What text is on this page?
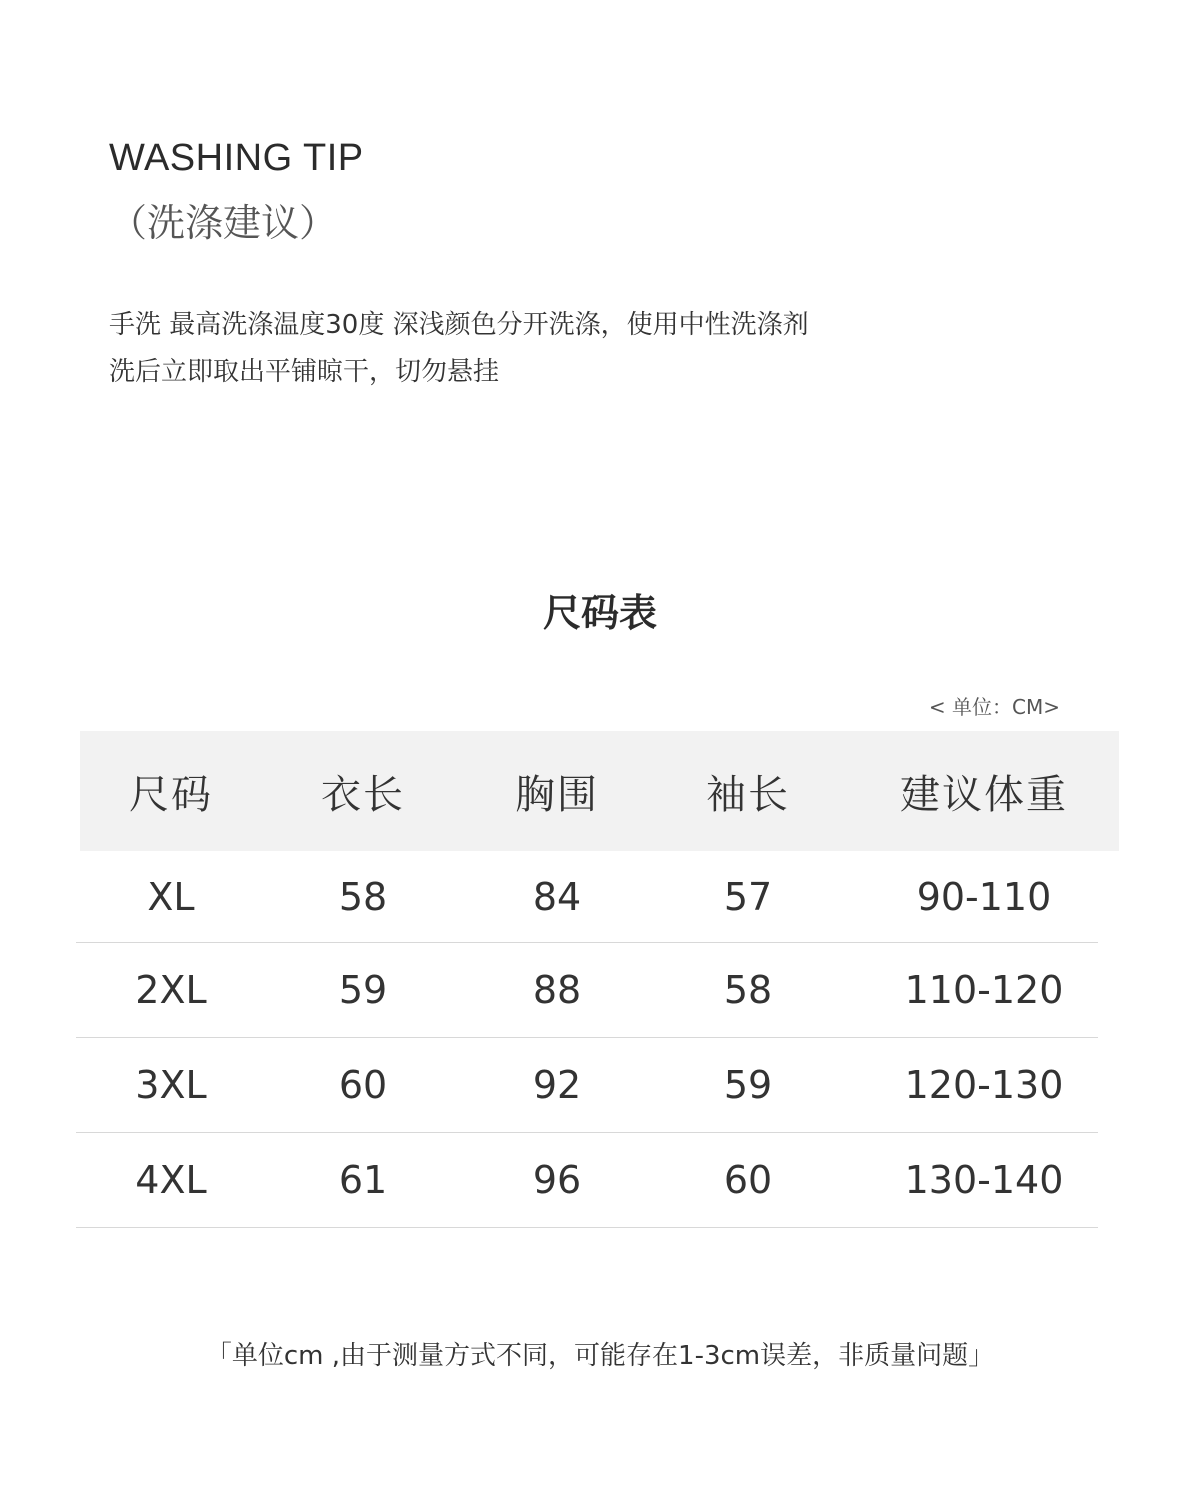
WASHING TIP
（洗涤建议）
手洗 最高洗涤温度30度 深浅颜色分开洗涤，使用中性洗涤剂
洗后立即取出平铺晾干，切勿悬挂
尺码表
< 单位：CM>
尺码	衣长	胸围	袖长	建议体重
XL	58	84	57	90-110
2XL	59	88	58	110-120
3XL	60	92	59	120-130
4XL	61	96	60	130-140
「单位cm ,由于测量方式不同，可能存在1-3cm误差，非质量问题」
